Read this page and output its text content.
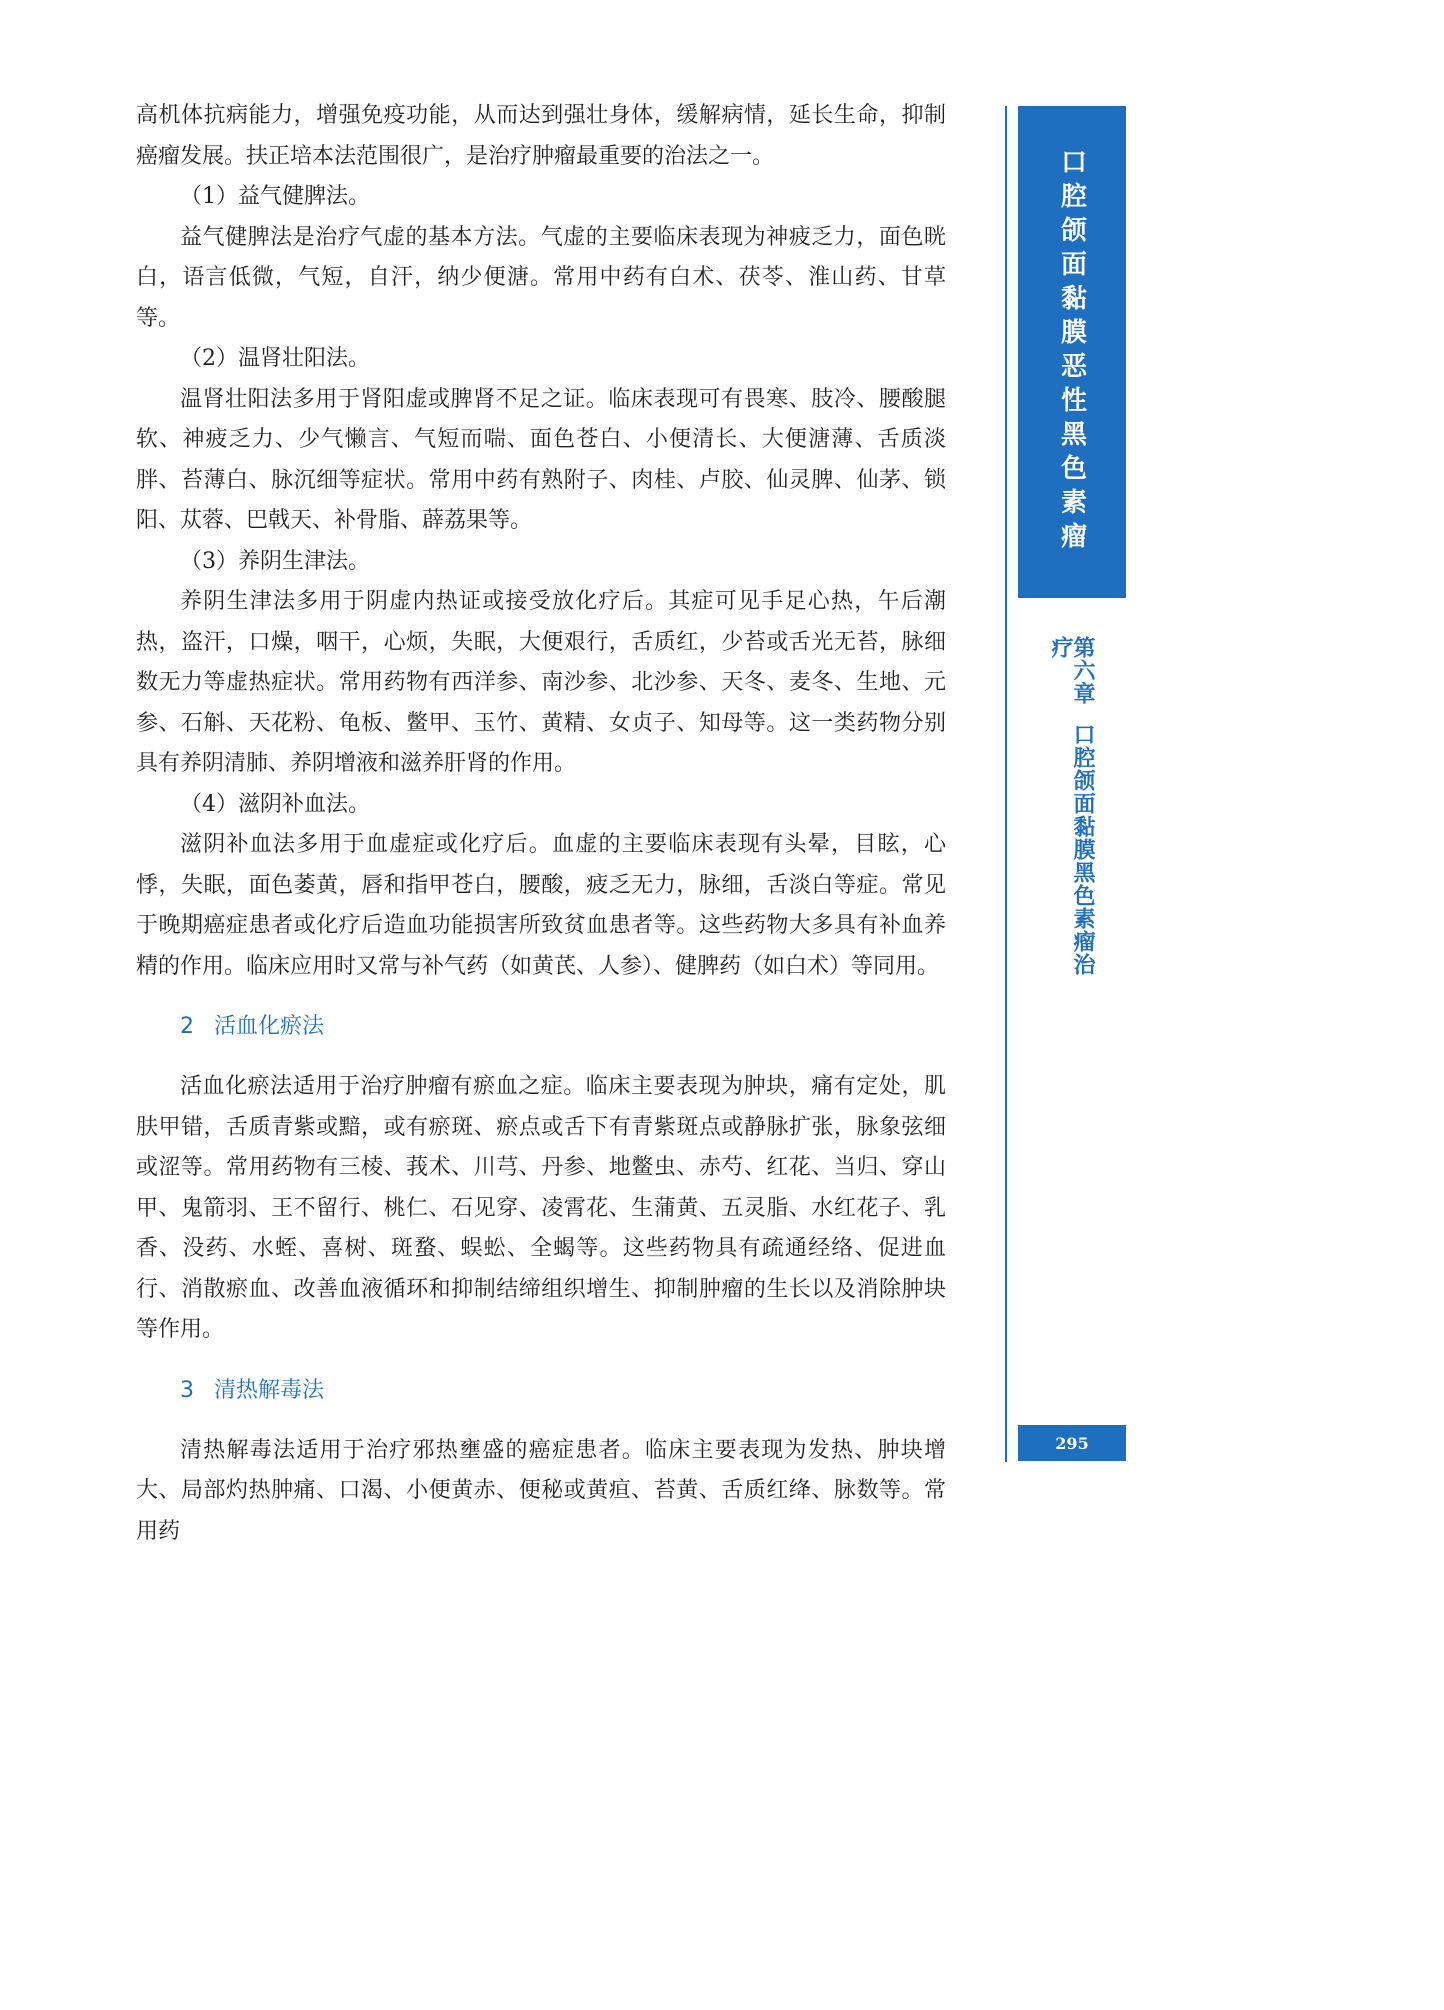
高机体抗病能力，增强免疫功能，从而达到强壮身体，缓解病情，延长生命，抑制癌瘤发展。扶正培本法范围很广，是治疗肿瘤最重要的治法之一。

（1）益气健脾法。

益气健脾法是治疗气虚的基本方法。气虚的主要临床表现为神疲乏力，面色晄白，语言低微，气短，自汗，纳少便溏。常用中药有白术、茯苓、淮山药、甘草等。

（2）温肾壮阳法。

温肾壮阳法多用于肾阳虚或脾肾不足之证。临床表现可有畏寒、肢冷、腰酸腿软、神疲乏力、少气懒言、气短而喘、面色苍白、小便清长、大便溏薄、舌质淡胖、苔薄白、脉沉细等症状。常用中药有熟附子、肉桂、卢胶、仙灵脾、仙茅、锁阳、苁蓉、巴戟天、补骨脂、薜荔果等。

（3）养阴生津法。

养阴生津法多用于阴虚内热证或接受放化疗后。其症可见手足心热，午后潮热，盗汗，口燥，咽干，心烦，失眠，大便艰行，舌质红，少苔或舌光无苔，脉细数无力等虚热症状。常用药物有西洋参、南沙参、北沙参、天冬、麦冬、生地、元参、石斛、天花粉、龟板、鳖甲、玉竹、黄精、女贞子、知母等。这一类药物分别具有养阴清肺、养阴增液和滋养肝肾的作用。

（4）滋阴补血法。

滋阴补血法多用于血虚症或化疗后。血虚的主要临床表现有头晕，目眩，心悸，失眠，面色萎黄，唇和指甲苍白，腰酸，疲乏无力，脉细，舌淡白等症。常见于晚期癌症患者或化疗后造血功能损害所致贫血患者等。这些药物大多具有补血养精的作用。临床应用时又常与补气药（如黄芪、人参）、健脾药（如白术）等同用。

2 活血化瘀法

活血化瘀法适用于治疗肿瘤有瘀血之症。临床主要表现为肿块，痛有定处，肌肤甲错，舌质青紫或黯，或有瘀斑、瘀点或舌下有青紫斑点或静脉扩张，脉象弦细或涩等。常用药物有三棱、莪术、川芎、丹参、地鳖虫、赤芍、红花、当归、穿山甲、鬼箭羽、王不留行、桃仁、石见穿、凌霄花、生蒲黄、五灵脂、水红花子、乳香、没药、水蛭、喜树、斑蝥、蜈蚣、全蝎等。这些药物具有疏通经络、促进血行、消散瘀血、改善血液循环和抑制结缔组织增生、抑制肿瘤的生长以及消除肿块等作用。

3 清热解毒法

清热解毒法适用于治疗邪热壅盛的癌症患者。临床主要表现为发热、肿块增大、局部灼热肿痛、口渴、小便黄赤、便秘或黄疸、苔黄、舌质红绛、脉数等。常用药

口腔颌面黏膜恶性黑色素瘤
第六章口腔颌面黏膜黑色素瘤治疗
295
